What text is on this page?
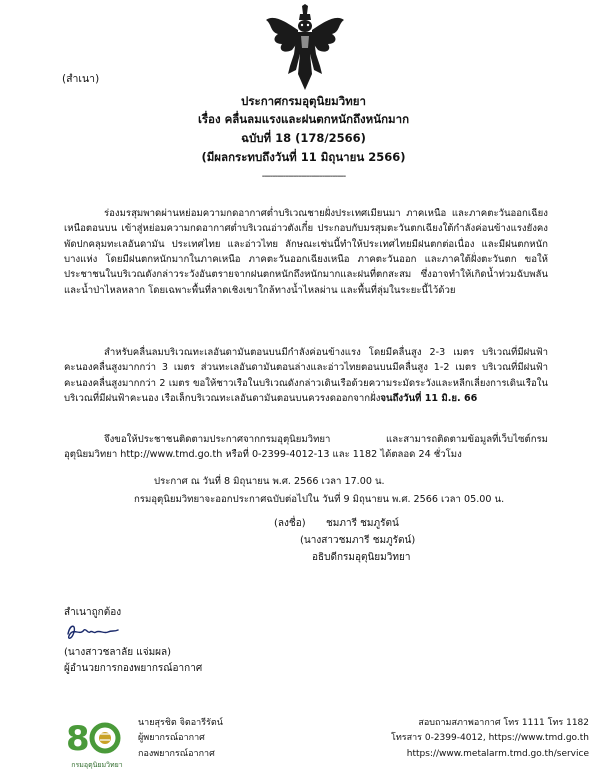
(สำเนา)
ประกาศกรมอุตุนิยมวิทยา
เรื่อง คลื่นลมแรงและฝนตกหนักถึงหนักมาก
ฉบับที่ 18 (178/2566)
(มีผลกระทบถึงวันที่ 11 มิถุนายน 2566)
--------------------------------
ร่องมรสุมพาดผ่านหย่อมความกดอากาศต่ำบริเวณชายฝั่งประเทศเมียนมา ภาคเหนือ และภาคตะวันออกเฉียงเหนือตอนบน เข้าสู่หย่อมความกดอากาศต่ำบริเวณอ่าวตังเกี๋ย ประกอบกับมรสุมตะวันตกเฉียงใต้กำลังค่อนข้างแรงยังคงพัดปกคลุมทะเลอันดามัน ประเทศไทย และอ่าวไทย ลักษณะเช่นนี้ทำให้ประเทศไทยมีฝนตกต่อเนื่อง และมีฝนตกหนักบางแห่ง โดยมีฝนตกหนักมากในภาคเหนือ ภาคตะวันออกเฉียงเหนือ ภาคตะวันออก และภาคใต้ฝั่งตะวันตก ขอให้ประชาชนในบริเวณดังกล่าวระวังอันตรายจากฝนตกหนักถึงหนักมากและฝนที่ตกสะสม ซึ่งอาจทำให้เกิดน้ำท่วมฉับพลันและน้ำป่าไหลหลาก โดยเฉพาะพื้นที่ลาดเชิงเขาใกล้ทางน้ำไหลผ่าน และพื้นที่ลุ่มในระยะนี้ไว้ด้วย
สำหรับคลื่นลมบริเวณทะเลอันดามันตอนบนมีกำลังค่อนข้างแรง โดยมีคลื่นสูง 2-3 เมตร บริเวณที่มีฝนฟ้าคะนองคลื่นสูงมากกว่า 3 เมตร ส่วนทะเลอันดามันตอนล่างและอ่าวไทยตอนบนมีคลื่นสูง 1-2 เมตร บริเวณที่มีฝนฟ้าคะนองคลื่นสูงมากกว่า 2 เมตร ขอให้ชาวเรือในบริเวณดังกล่าวเดินเรือด้วยความระมัดระวังและหลีกเลี่ยงการเดินเรือในบริเวณที่มีฝนฟ้าคะนอง เรือเล็กบริเวณทะเลอันดามันตอนบนควรงดออกจากฝั่งจนถึงวันที่ 11 มิ.ย. 66
จึงขอให้ประชาชนติดตามประกาศจากกรมอุตุนิยมวิทยา และสามารถติดตามข้อมูลที่เว็บไซต์กรมอุตุนิยมวิทยา http://www.tmd.go.th หรือที่ 0-2399-4012-13 และ 1182 ได้ตลอด 24 ชั่วโมง
ประกาศ ณ วันที่ 8 มิถุนายน พ.ศ. 2566 เวลา 17.00 น.
กรมอุตุนิยมวิทยาจะออกประกาศฉบับต่อไปใน วันที่ 9 มิถุนายน พ.ศ. 2566 เวลา 05.00 น.
(ลงชื่อ) ชมภารี ชมภูรัตน์
(นางสาวชมภารี ชมภูรัตน์)
อธิบดีกรมอุตุนิยมวิทยา
สำเนาถูกต้อง
(นางสาวชลาลัย แจ่มผล)
ผู้อำนวยการกองพยากรณ์อากาศ
8
กรมอุตุนิยมวิทยา
นายสุรชิต จิตอารีรัตน์
ผู้พยากรณ์อากาศ
กองพยากรณ์อากาศ
สอบถามสภาพอากาศ โทร 1111 โทร 1182
โทรสาร 0-2399-4012, https://www.tmd.go.th
https://www.metalarm.tmd.go.th/service
